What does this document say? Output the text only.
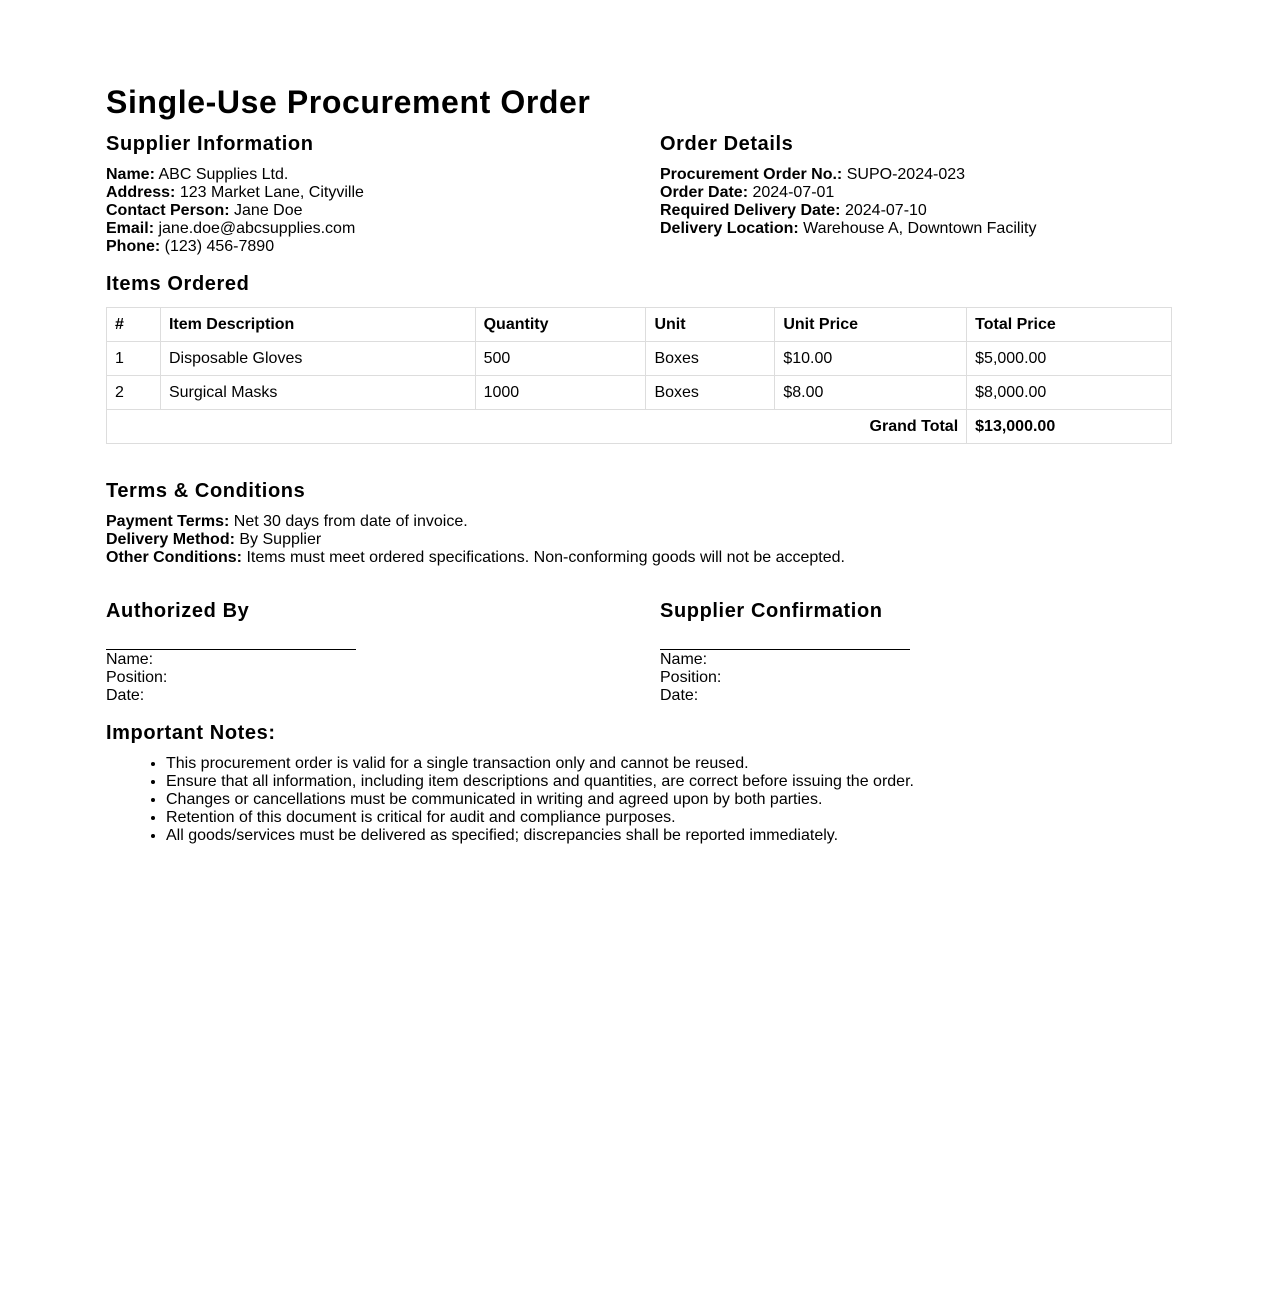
Single-Use Procurement Order
Supplier Information
Name: ABC Supplies Ltd.
Address: 123 Market Lane, Cityville
Contact Person: Jane Doe
Email: jane.doe@abcsupplies.com
Phone: (123) 456-7890
Order Details
Procurement Order No.: SUPO-2024-023
Order Date: 2024-07-01
Required Delivery Date: 2024-07-10
Delivery Location: Warehouse A, Downtown Facility
Items Ordered
#	Item Description	Quantity	Unit	Unit Price	Total Price
1	Disposable Gloves	500	Boxes	$10.00	$5,000.00
2	Surgical Masks	1000	Boxes	$8.00	$8,000.00
Grand Total					$13,000.00
Terms & Conditions
Payment Terms: Net 30 days from date of invoice.
Delivery Method: By Supplier
Other Conditions: Items must meet ordered specifications. Non-conforming goods will not be accepted.
Authorized By
Name:
Position:
Date:
Supplier Confirmation
Name:
Position:
Date:
Important Notes:
• This procurement order is valid for a single transaction only and cannot be reused.
• Ensure that all information, including item descriptions and quantities, are correct before issuing the order.
• Changes or cancellations must be communicated in writing and agreed upon by both parties.
• Retention of this document is critical for audit and compliance purposes.
• All goods/services must be delivered as specified; discrepancies shall be reported immediately.
